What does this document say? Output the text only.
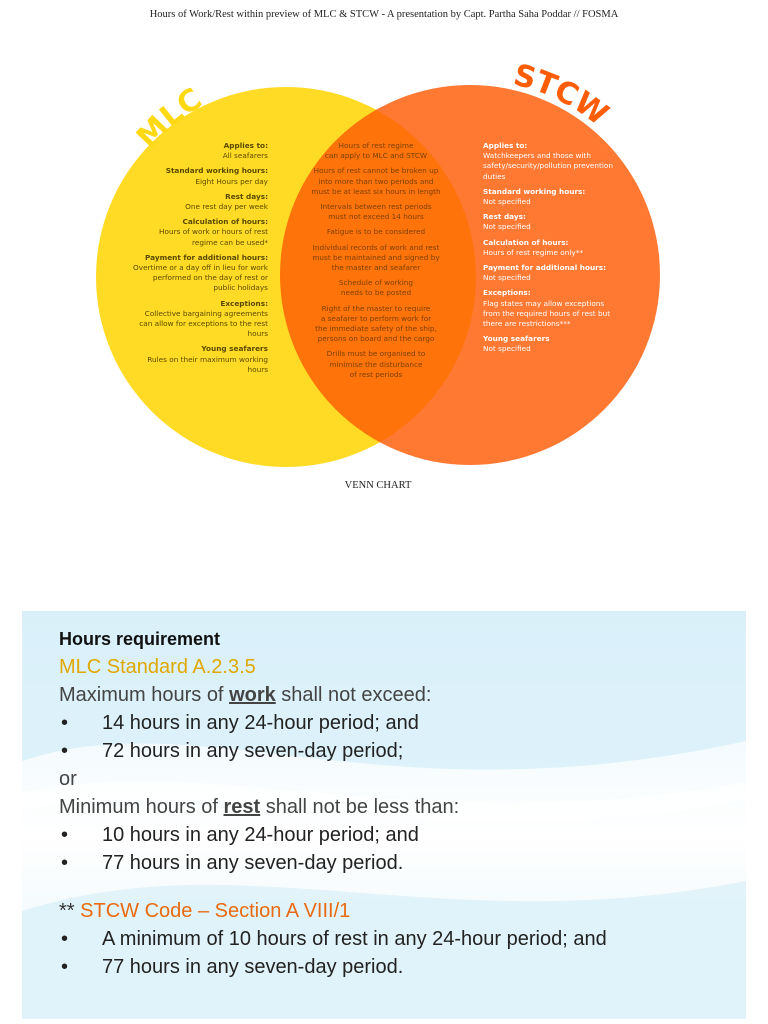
Hours of Work/Rest within preview of MLC & STCW - A presentation by Capt. Partha Saha Poddar // FOSMA
MLC
STCW
Applies to:
All seafarers
Standard working hours:
Eight Hours per day
Rest days:
One rest day per week
Calculation of hours:
Hours of work or hours of rest
regime can be used*
Payment for additional hours:
Overtime or a day off in lieu for work
performed on the day of rest or
public holidays
Exceptions:
Collective bargaining agreements
can allow for exceptions to the rest
hours
Young seafarers
Rules on their maximum working
hours
Hours of rest regime
can apply to MLC and STCW
Hours of rest cannot be broken up
into more than two periods and
must be at least six hours in length
Intervals between rest periods
must not exceed 14 hours
Fatigue is to be considered
Individual records of work and rest
must be maintained and signed by
the master and seafarer
Schedule of working
needs to be posted
Right of the master to require
a seafarer to perform work for
the immediate safety of the ship,
persons on board and the cargo
Drills must be organised to
minimise the disturbance
of rest periods
Applies to:
Watchkeepers and those with
safety/security/pollution prevention
duties
Standard working hours:
Not specified
Rest days:
Not specified
Calculation of hours:
Hours of rest regime only**
Payment for additional hours:
Not specified
Exceptions:
Flag states may allow exceptions
from the required hours of rest but
there are restrictions***
Young seafarers
Not specified
VENN CHART
Hours requirement
MLC Standard A.2.3.5
Maximum hours of work shall not exceed:
• 14 hours in any 24-hour period; and
• 72 hours in any seven-day period;
or
Minimum hours of rest shall not be less than:
• 10 hours in any 24-hour period; and
• 77 hours in any seven-day period.
** STCW Code – Section A VIII/1
• A minimum of 10 hours of rest in any 24-hour period; and
• 77 hours in any seven-day period.
